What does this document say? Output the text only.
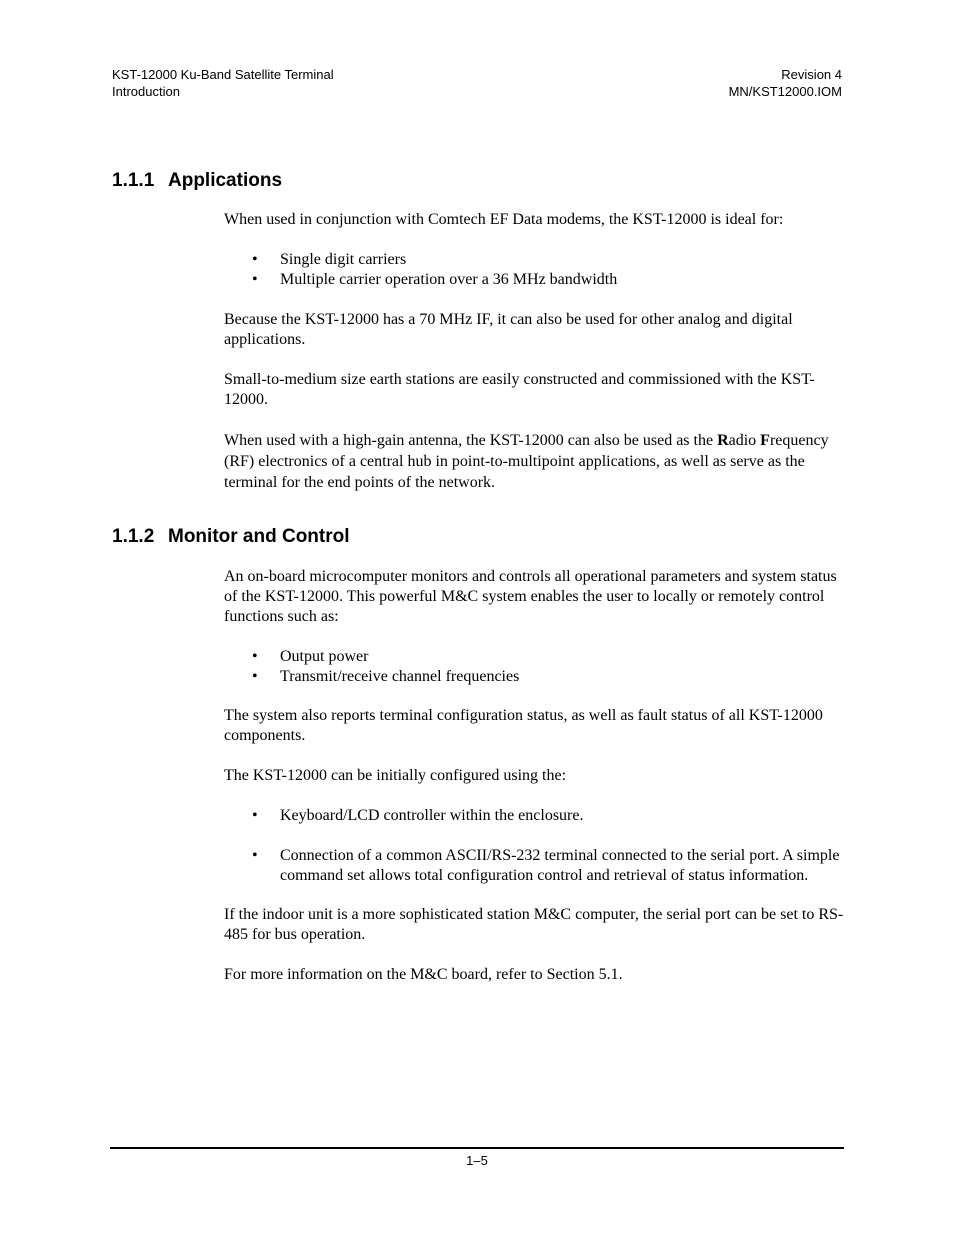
KST-12000 Ku-Band Satellite Terminal
Introduction
Revision 4
MN/KST12000.IOM
1.1.1 Applications

When used in conjunction with Comtech EF Data modems, the KST-12000 is ideal for:

• Single digit carriers
• Multiple carrier operation over a 36 MHz bandwidth

Because the KST-12000 has a 70 MHz IF, it can also be used for other analog and digital applications.

Small-to-medium size earth stations are easily constructed and commissioned with the KST-12000.

When used with a high-gain antenna, the KST-12000 can also be used as the Radio Frequency (RF) electronics of a central hub in point-to-multipoint applications, as well as serve as the terminal for the end points of the network.

1.1.2 Monitor and Control

An on-board microcomputer monitors and controls all operational parameters and system status of the KST-12000. This powerful M&C system enables the user to locally or remotely control functions such as:

• Output power
• Transmit/receive channel frequencies

The system also reports terminal configuration status, as well as fault status of all KST-12000 components.

The KST-12000 can be initially configured using the:

• Keyboard/LCD controller within the enclosure.
• Connection of a common ASCII/RS-232 terminal connected to the serial port. A simple command set allows total configuration control and retrieval of status information.

If the indoor unit is a more sophisticated station M&C computer, the serial port can be set to RS-485 for bus operation.

For more information on the M&C board, refer to Section 5.1.

1–5
